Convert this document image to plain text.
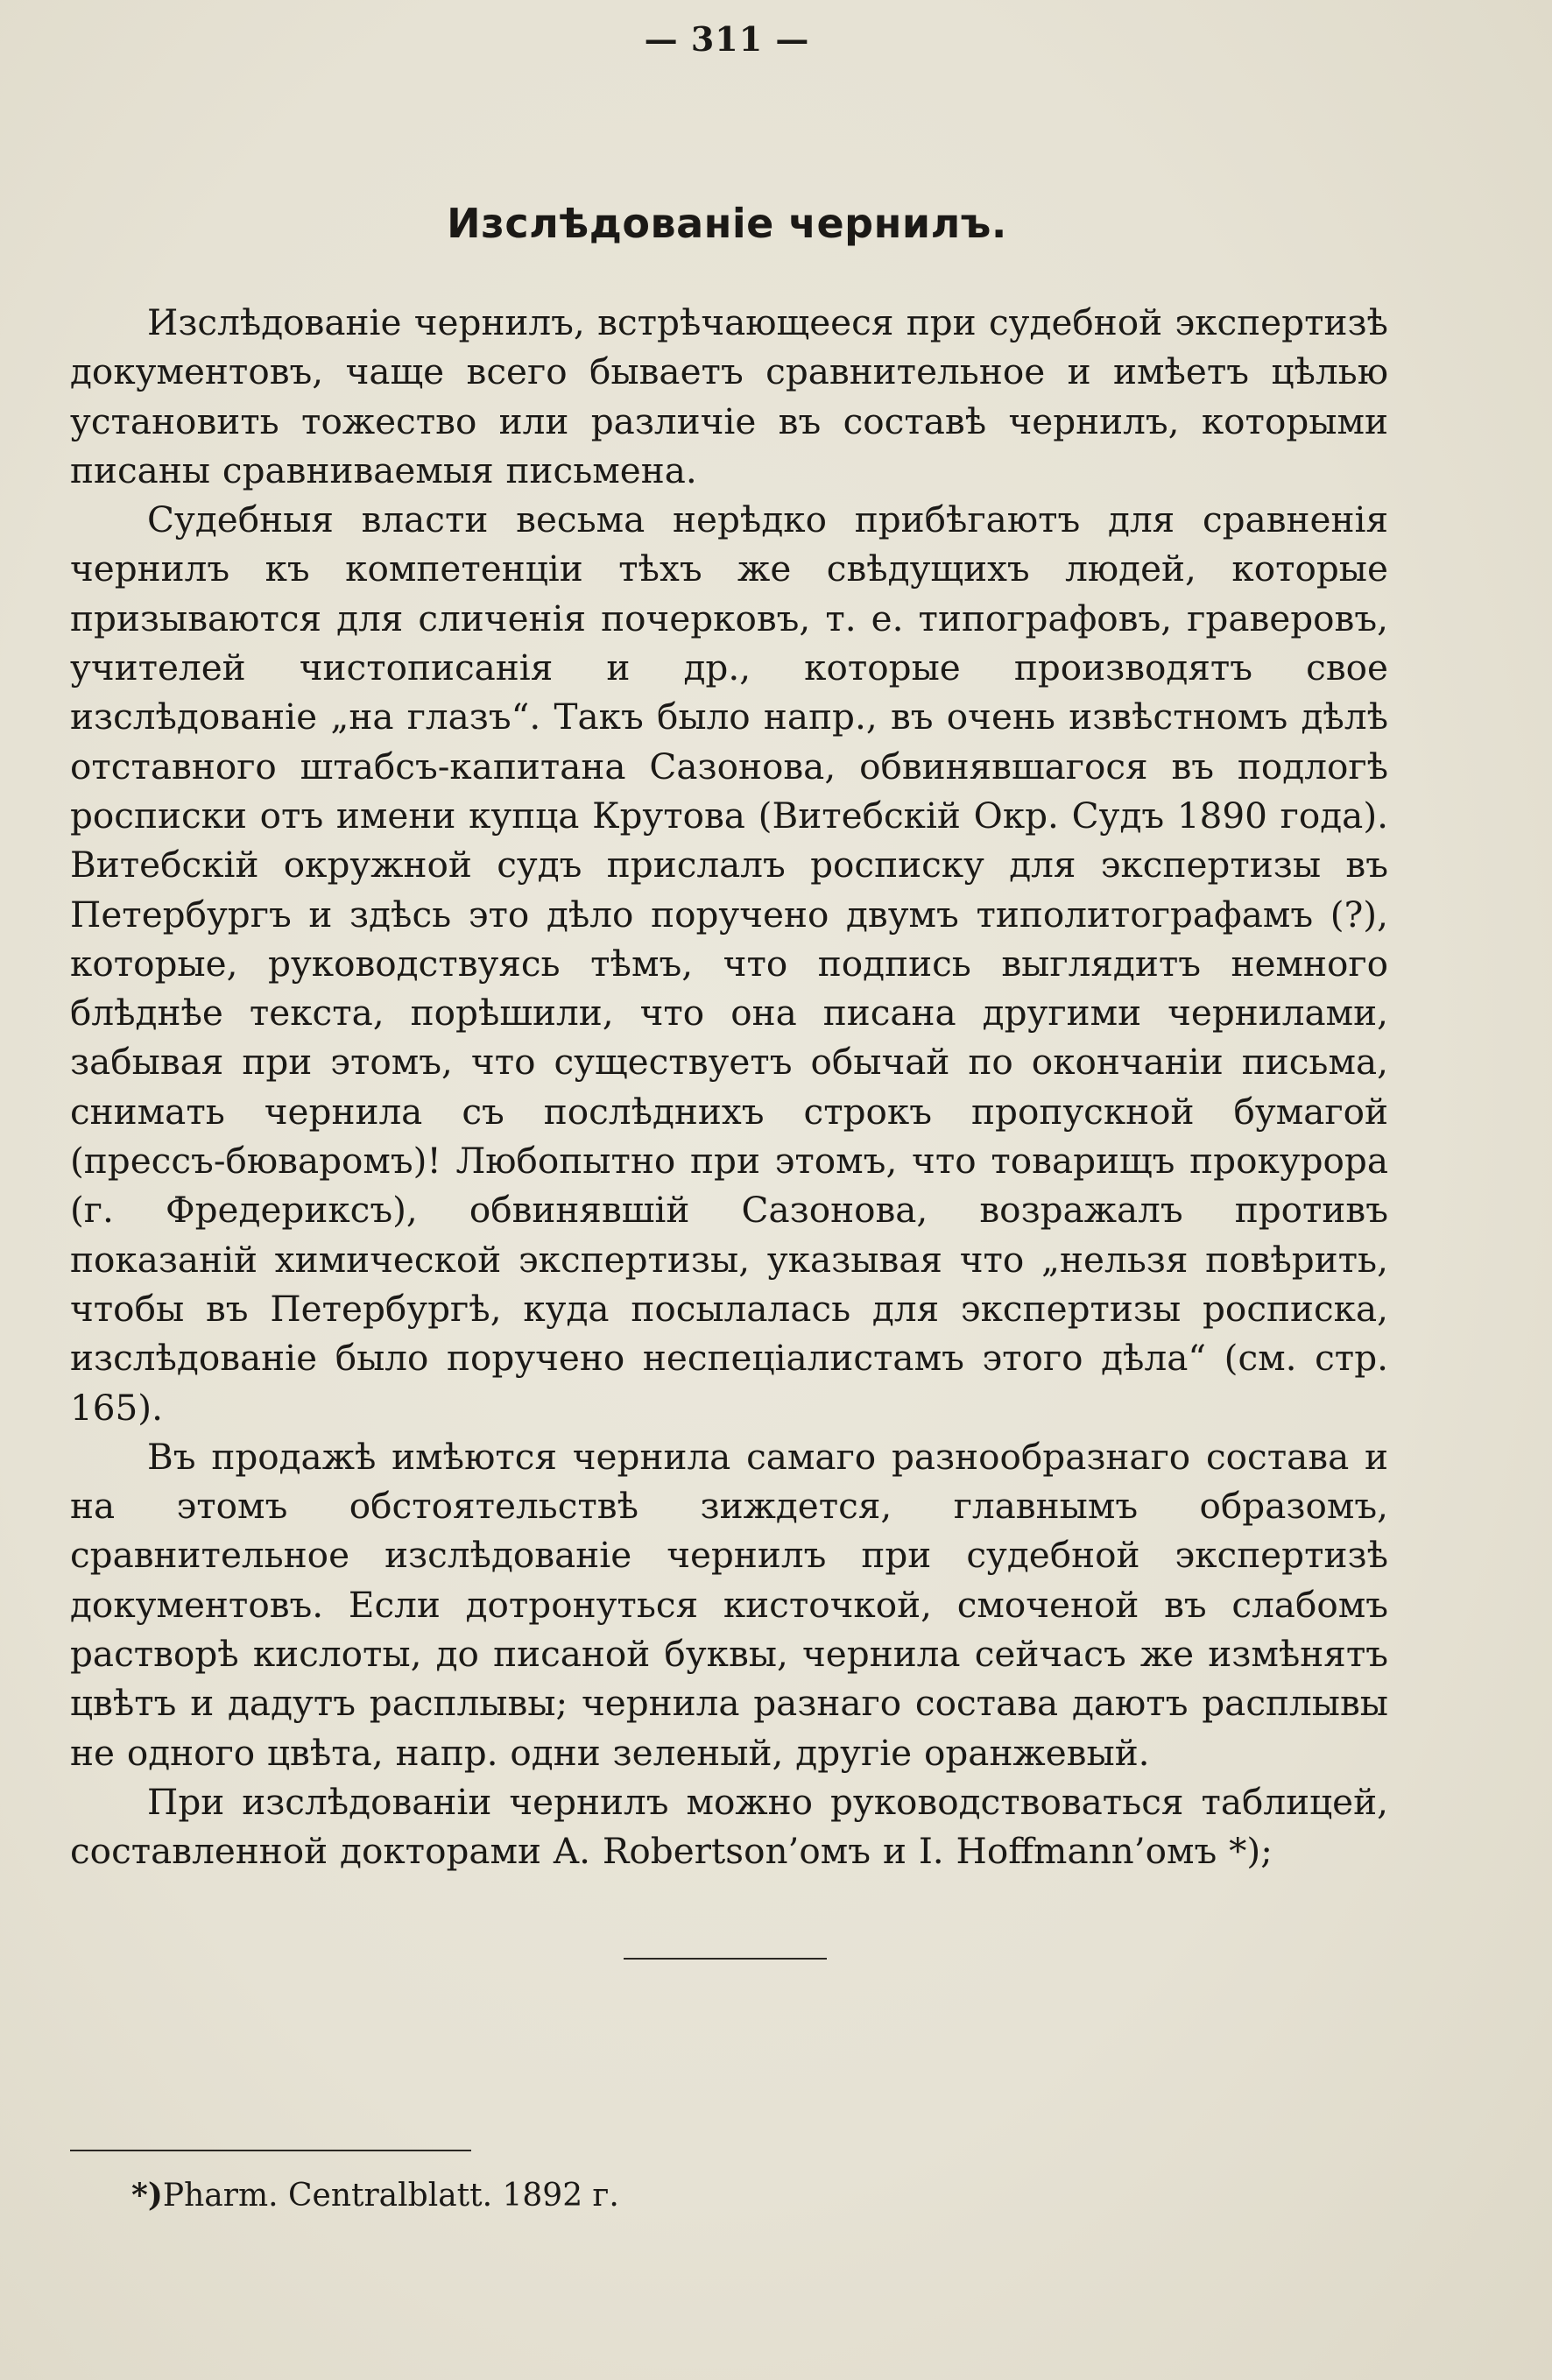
— 311 —
Изслѣдованіе чернилъ.

Изслѣдованіе чернилъ, встрѣчающееся при судебной экспертизѣ документовъ, чаще всего бываетъ сравнительное и имѣетъ цѣлью установить тожество или различіе въ составѣ чернилъ, которыми писаны сравниваемыя письмена.

Судебныя власти весьма нерѣдко прибѣгаютъ для сравненія чернилъ къ компетенціи тѣхъ же свѣдущихъ людей, которые призываются для сличенія почерковъ, т. е. типографовъ, граверовъ, учителей чистописанія и др., которые производятъ свое изслѣдованіе „на глазъ“. Такъ было напр., въ очень извѣстномъ дѣлѣ отставного штабсъ-капитана Сазонова, обвинявшагося въ подлогѣ росписки отъ имени купца Крутова (Витебскій Окр. Судъ 1890 года). Витебскій окружной судъ прислалъ росписку для экспертизы въ Петербургъ и здѣсь это дѣло поручено двумъ типолитографамъ (?), которые, руководствуясь тѣмъ, что подпись выглядитъ немного блѣднѣе текста, порѣшили, что она писана другими чернилами, забывая при этомъ, что существуетъ обычай по окончаніи письма, снимать чернила съ послѣднихъ строкъ пропускной бумагой (прессъ-бюваромъ)! Любопытно при этомъ, что товарищъ прокурора (г. Фредериксъ), обвинявшій Сазонова, возражалъ противъ показаній химической экспертизы, указывая что „нельзя повѣрить, чтобы въ Петербургѣ, куда посылалась для экспертизы росписка, изслѣдованіе было поручено неспеціалистамъ этого дѣла“ (см. стр. 165).

Въ продажѣ имѣются чернила самаго разнообразнаго состава и на этомъ обстоятельствѣ зиждется, главнымъ образомъ, сравнительное изслѣдованіе чернилъ при судебной экспертизѣ документовъ. Если дотронуться кисточкой, смоченой въ слабомъ растворѣ кислоты, до писаной буквы, чернила сейчасъ же измѣнятъ цвѣтъ и дадутъ расплывы; чернила разнаго состава даютъ расплывы не одного цвѣта, напр. одни зеленый, другіе оранжевый.

При изслѣдованіи чернилъ можно руководствоваться таблицей, составленной докторами A. Robertson’омъ и I. Hoffmann’омъ *);

*)Pharm. Centralblatt. 1892 г.
